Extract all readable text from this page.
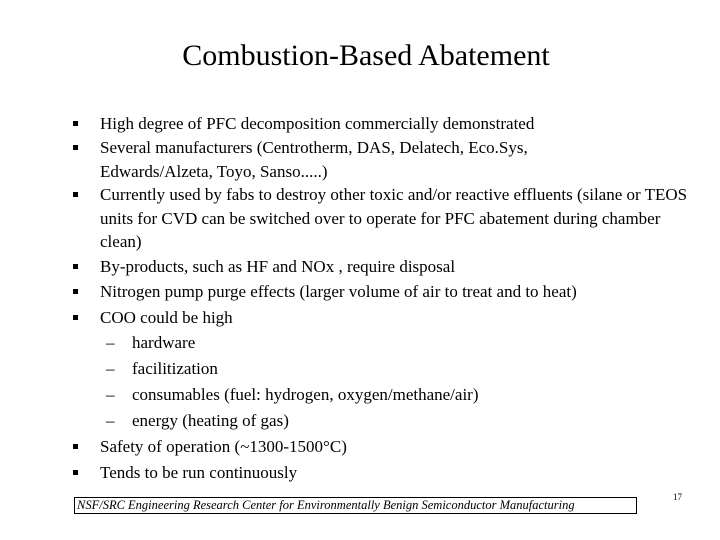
Combustion-Based Abatement
High degree of PFC decomposition commercially demonstrated
Several manufacturers (Centrotherm, DAS, Delatech, Eco.Sys, Edwards/Alzeta, Toyo, Sanso.....)
Currently used by fabs to destroy other toxic and/or reactive effluents (silane or TEOS units for CVD can be switched over to operate for PFC abatement during chamber clean)
By-products, such as HF and NOx , require disposal
Nitrogen pump purge effects (larger volume of air to treat and to heat)
COO could be high
– hardware
– facilitization
– consumables (fuel: hydrogen, oxygen/methane/air)
– energy (heating of gas)
Safety of operation (~1300-1500°C)
Tends to be run continuously
NSF/SRC Engineering Research Center for Environmentally Benign Semiconductor Manufacturing
17
